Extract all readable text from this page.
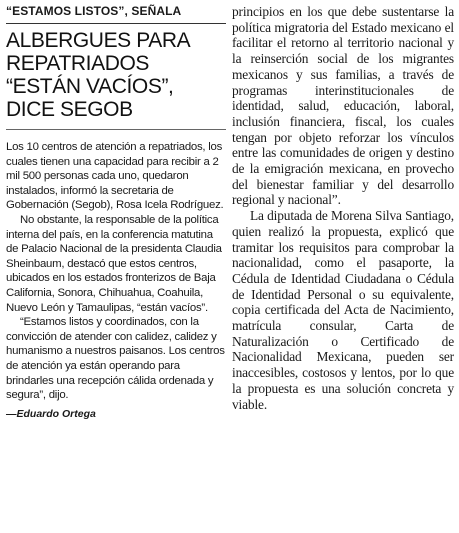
“ESTAMOS LISTOS”, SEÑALA

ALBERGUES PARA REPATRIADOS “ESTÁN VACÍOS”, DICE SEGOB

Los 10 centros de atención a repatriados, los cuales tienen una capacidad para recibir a 2 mil 500 personas cada uno, quedaron instalados, informó la secretaria de Gobernación (Segob), Rosa Icela Rodríguez.

No obstante, la responsable de la política interna del país, en la conferencia matutina de Palacio Nacional de la presidenta Claudia Sheinbaum, destacó que estos centros, ubicados en los estados fronterizos de Baja California, Sonora, Chihuahua, Coahuila, Nuevo León y Tamaulipas, “están vacíos”.

“Estamos listos y coordinados, con la convicción de atender con calidez, calidez y humanismo a nuestros paisanos. Los centros de atención ya están operando para brindarles una recepción cálida ordenada y segura”, dijo.

—Eduardo Ortega

principios en los que debe sustentarse la política migratoria del Estado mexicano el facilitar el retorno al territorio nacional y la reinserción social de los migrantes mexicanos y sus familias, a través de programas interinstitucionales de identidad, salud, educación, laboral, inclusión financiera, fiscal, los cuales tengan por objeto reforzar los vínculos entre las comunidades de origen y destino de la emigración mexicana, en provecho del bienestar familiar y del desarrollo regional y nacional”.

La diputada de Morena Silva Santiago, quien realizó la propuesta, explicó que tramitar los requisitos para comprobar la nacionalidad, como el pasaporte, la Cédula de Identidad Ciudadana o Cédula de Identidad Personal o su equivalente, copia certificada del Acta de Nacimiento, matrícula consular, Carta de Naturalización o Certificado de Nacionalidad Mexicana, pueden ser inaccesibles, costosos y lentos, por lo que la propuesta es una solución concreta y viable.
